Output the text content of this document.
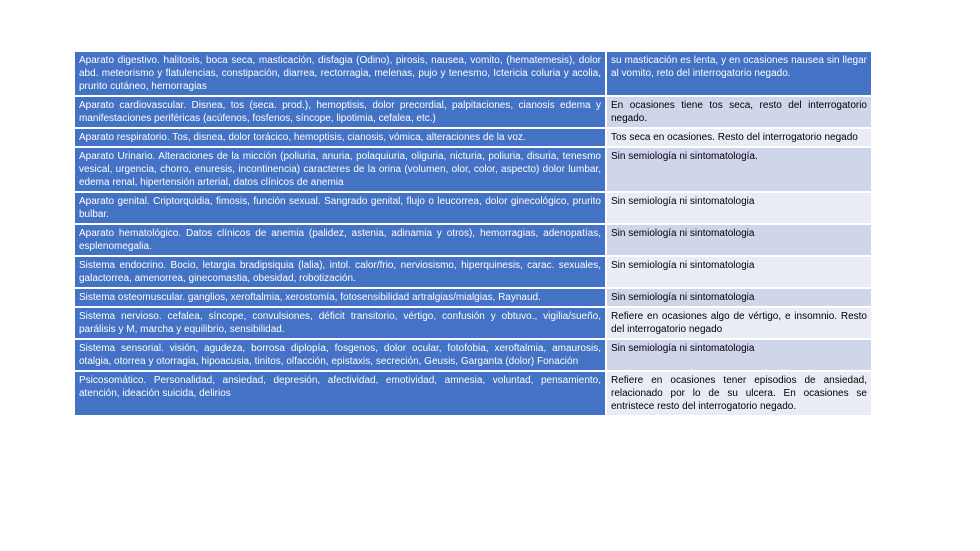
Aparato digestivo. halitosis, boca seca, masticación, disfagia (Odino), pirosis, nausea, vomito, (hematemesis), dolor abd. meteorismo y flatulencias, constipación, diarrea, rectorragia, melenas, pujo y tenesmo, Ictericia coluria y acolia, prurito cutáneo, hemorragias	su masticación es lenta, y en ocasiones nausea sin llegar al vomito, reto del interrogatorio negado.
Aparato cardiovascular. Disnea, tos (seca. prod.), hemoptisis, dolor precordial, palpitaciones, cianosis edema y manifestaciones periféricas (acúfenos, fosfenos, síncope, lipotimia, cefalea, etc.)	En ocasiones tiene tos seca, resto del interrogatorio negado.
Aparato respiratorio. Tos, disnea, dolor torácico, hemoptisis, cianosis, vómica, alteraciones de la voz.	Tos seca en ocasiones. Resto del interrogatorio negado
Aparato Urinario. Alteraciones de la micción (poliuria, anuria, polaquiuria, oliguria, nicturia, poliuria, disuria, tenesmo vesical, urgencia, chorro, enuresis, incontinencia) caracteres de la orina (volumen, olor, color, aspecto) dolor lumbar, edema renal, hipertensión arterial, datos clínicos de anemia	Sin semiología ni sintomatología.
Aparato genital. Criptorquidia, fimosis, función sexual. Sangrado genital, flujo o leucorrea, dolor ginecológico, prurito bulbar.	Sin semiología ni sintomatologia
Aparato hematológico. Datos clínicos de anemia (palidez, astenia, adinamia y otros), hemorragias, adenopatías, esplenomegalia.	Sin semiología ni sintomatologia
Sistema endocrino. Bocio, letargia bradipsiquia (lalia), intol. calor/frio, nerviosismo, hiperquinesis, carac. sexuales, galactorrea, amenorrea, ginecomastia, obesidad, robotización.	Sin semiología ni sintomatologia
Sistema osteomuscular. ganglios, xeroftalmia, xerostomía, fotosensibilidad artralgias/mialgias, Raynaud.	Sin semiología ni sintomatologia
Sistema nervioso. cefalea, síncope, convulsiones, déficit transitorio, vértigo, confusión y obtuvo., vigilia/sueño, parálisis y M, marcha y equilibrio, sensibilidad.	Refiere en ocasiones algo de vértigo, e insomnio. Resto del interrogatorio negado
Sistema sensorial. visión, agudeza, borrosa diplopía, fosgenos, dolor ocular, fotofobia, xeroftalmia, amaurosis, otalgia, otorrea y otorragia, hipoacusia, tinitos, olfacción, epistaxis, secreción, Geusis, Garganta (dolor) Fonación	Sin semiología ni sintomatologia
Psicosomático. Personalidad, ansiedad, depresión, afectividad, emotividad, amnesia, voluntad, pensamiento, atención, ideación suicida, delirios	Refiere en ocasiones tener episodios de ansiedad, relacionado por lo de su ulcera. En ocasiones se entristece resto del interrogatorio negado.
